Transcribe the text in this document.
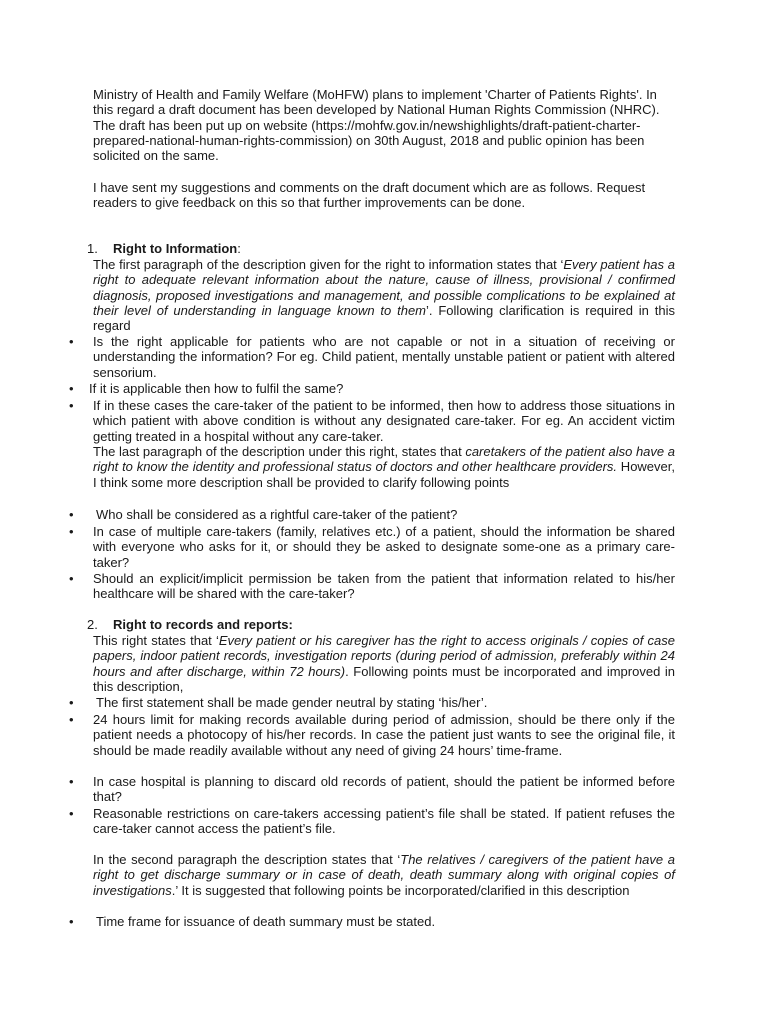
Ministry of Health and Family Welfare (MoHFW) plans to implement 'Charter of Patients Rights'. In this regard a draft document has been developed by National Human Rights Commission (NHRC). The draft has been put up on website (https://mohfw.gov.in/newshighlights/draft-patient-charter-prepared-national-human-rights-commission) on 30th August, 2018 and public opinion has been solicited on the same.

I have sent my suggestions and comments on the draft document which are as follows. Request readers to give feedback on this so that further improvements can be done.

1. Right to Information:

The first paragraph of the description given for the right to information states that ‘Every patient has a right to adequate relevant information about the nature, cause of illness, provisional / confirmed diagnosis, proposed investigations and management, and possible complications to be explained at their level of understanding in language known to them’. Following clarification is required in this regard

•	Is the right applicable for patients who are not capable or not in a situation of receiving or understanding the information? For eg. Child patient, mentally unstable patient or patient with altered sensorium.
•	If it is applicable then how to fulfil the same?
•	If in these cases the care-taker of the patient to be informed, then how to address those situations in which patient with above condition is without any designated care-taker. For eg. An accident victim getting treated in a hospital without any care-taker.

The last paragraph of the description under this right, states that caretakers of the patient also have a right to know the identity and professional status of doctors and other healthcare providers. However, I think some more description shall be provided to clarify following points

•	Who shall be considered as a rightful care-taker of the patient?
•	In case of multiple care-takers (family, relatives etc.) of a patient, should the information be shared with everyone who asks for it, or should they be asked to designate some-one as a primary care-taker?
•	Should an explicit/implicit permission be taken from the patient that information related to his/her healthcare will be shared with the care-taker?

2. Right to records and reports:

This right states that ‘Every patient or his caregiver has the right to access originals / copies of case papers, indoor patient records, investigation reports (during period of admission, preferably within 24 hours and after discharge, within 72 hours). Following points must be incorporated and improved in this description,

•	The first statement shall be made gender neutral by stating ‘his/her’.
•	24 hours limit for making records available during period of admission, should be there only if the patient needs a photocopy of his/her records. In case the patient just wants to see the original file, it should be made readily available without any need of giving 24 hours’ time-frame.
•	In case hospital is planning to discard old records of patient, should the patient be informed before that?
•	Reasonable restrictions on care-takers accessing patient’s file shall be stated. If patient refuses the care-taker cannot access the patient’s file.

In the second paragraph the description states that ‘The relatives / caregivers of the patient have a right to get discharge summary or in case of death, death summary along with original copies of investigations.’ It is suggested that following points be incorporated/clarified in this description

•	Time frame for issuance of death summary must be stated.
